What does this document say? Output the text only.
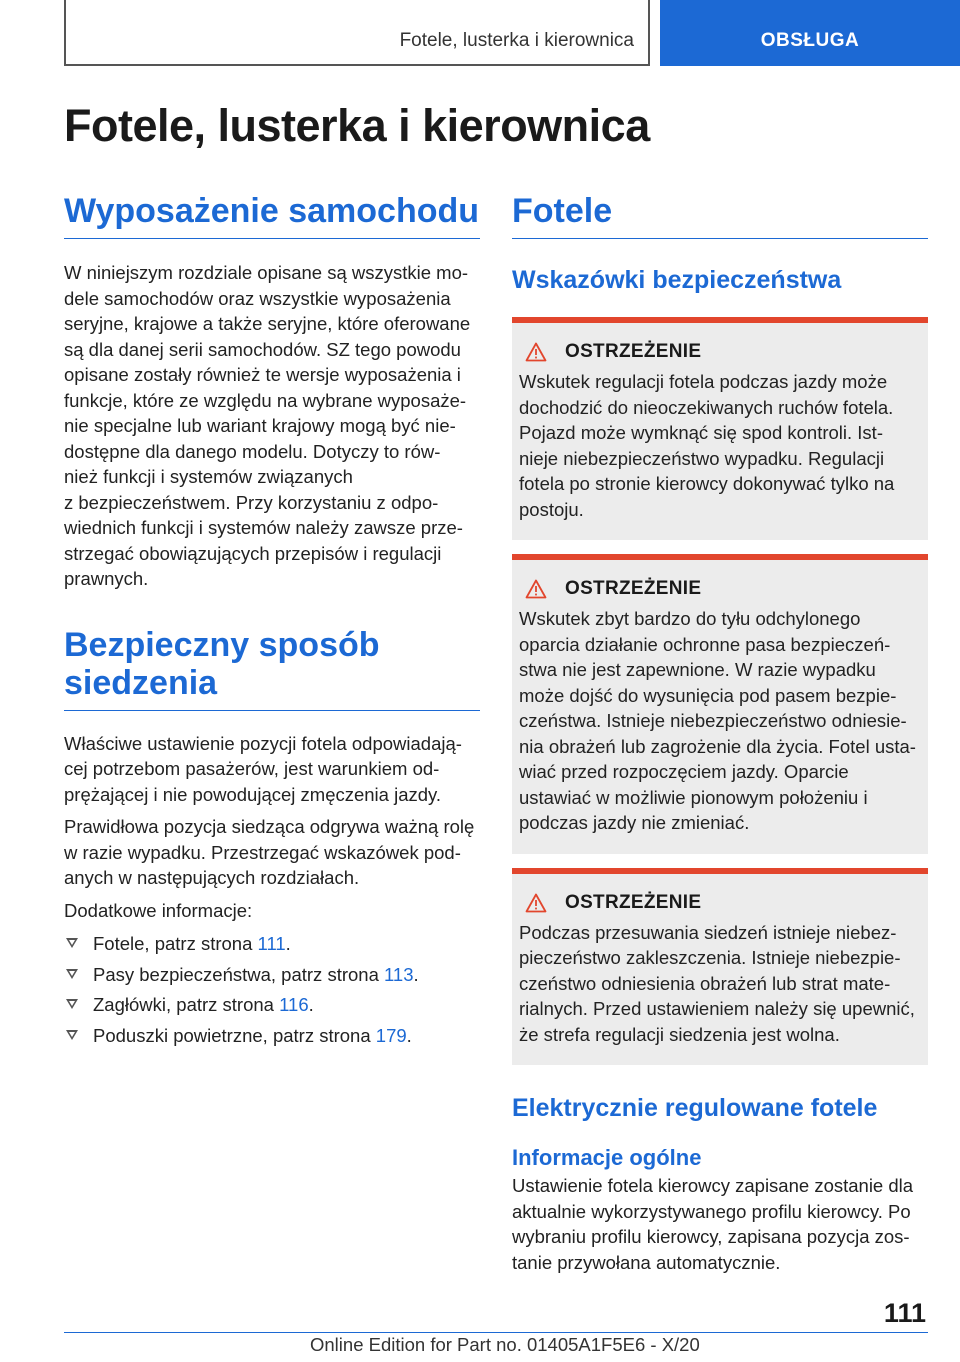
Fotele, lusterka i kierownica	OBSŁUGA
Fotele, lusterka i kierownica
Wyposażenie samochodu
W niniejszym rozdziale opisane są wszystkie mo-
dele samochodów oraz wszystkie wyposażenia
seryjne, krajowe a także seryjne, które oferowane
są dla danej serii samochodów. SZ tego powodu
opisane zostały również te wersje wyposażenia i
funkcje, które ze względu na wybrane wyposaże-
nie specjalne lub wariant krajowy mogą być nie-
dostępne dla danego modelu. Dotyczy to rów-
nież funkcji i systemów związanych
z bezpieczeństwem. Przy korzystaniu z odpo-
wiednich funkcji i systemów należy zawsze prze-
strzegać obowiązujących przepisów i regulacji
prawnych.
Bezpieczny sposób
siedzenia
Właściwe ustawienie pozycji fotela odpowiadają-
cej potrzebom pasażerów, jest warunkiem od-
prężającej i nie powodującej zmęczenia jazdy.
Prawidłowa pozycja siedząca odgrywa ważną rolę
w razie wypadku. Przestrzegać wskazówek pod-
anych w następujących rozdziałach.
Dodatkowe informacje:
Fotele, patrz strona 111.
Pasy bezpieczeństwa, patrz strona 113.
Zagłówki, patrz strona 116.
Poduszki powietrzne, patrz strona 179.
Fotele
Wskazówki bezpieczeństwa
OSTRZEŻENIE
Wskutek regulacji fotela podczas jazdy może
dochodzić do nieoczekiwanych ruchów fotela.
Pojazd może wymknąć się spod kontroli. Ist-
nieje niebezpieczeństwo wypadku. Regulacji
fotela po stronie kierowcy dokonywać tylko na
postoju.
OSTRZEŻENIE
Wskutek zbyt bardzo do tyłu odchylonego
oparcia działanie ochronne pasa bezpieczeń-
stwa nie jest zapewnione. W razie wypadku
może dojść do wysunięcia pod pasem bezpie-
czeństwa. Istnieje niebezpieczeństwo odniesie-
nia obrażeń lub zagrożenie dla życia. Fotel usta-
wiać przed rozpoczęciem jazdy. Oparcie
ustawiać w możliwie pionowym położeniu i
podczas jazdy nie zmieniać.
OSTRZEŻENIE
Podczas przesuwania siedzeń istnieje niebez-
pieczeństwo zakleszczenia. Istnieje niebezpie-
czeństwo odniesienia obrażeń lub strat mate-
rialnych. Przed ustawieniem należy się upewnić,
że strefa regulacji siedzenia jest wolna.
Elektrycznie regulowane fotele
Informacje ogólne
Ustawienie fotela kierowcy zapisane zostanie dla
aktualnie wykorzystywanego profilu kierowcy. Po
wybraniu profilu kierowcy, zapisana pozycja zos-
tanie przywołana automatycznie.
111
Online Edition for Part no. 01405A1F5E6 - X/20
